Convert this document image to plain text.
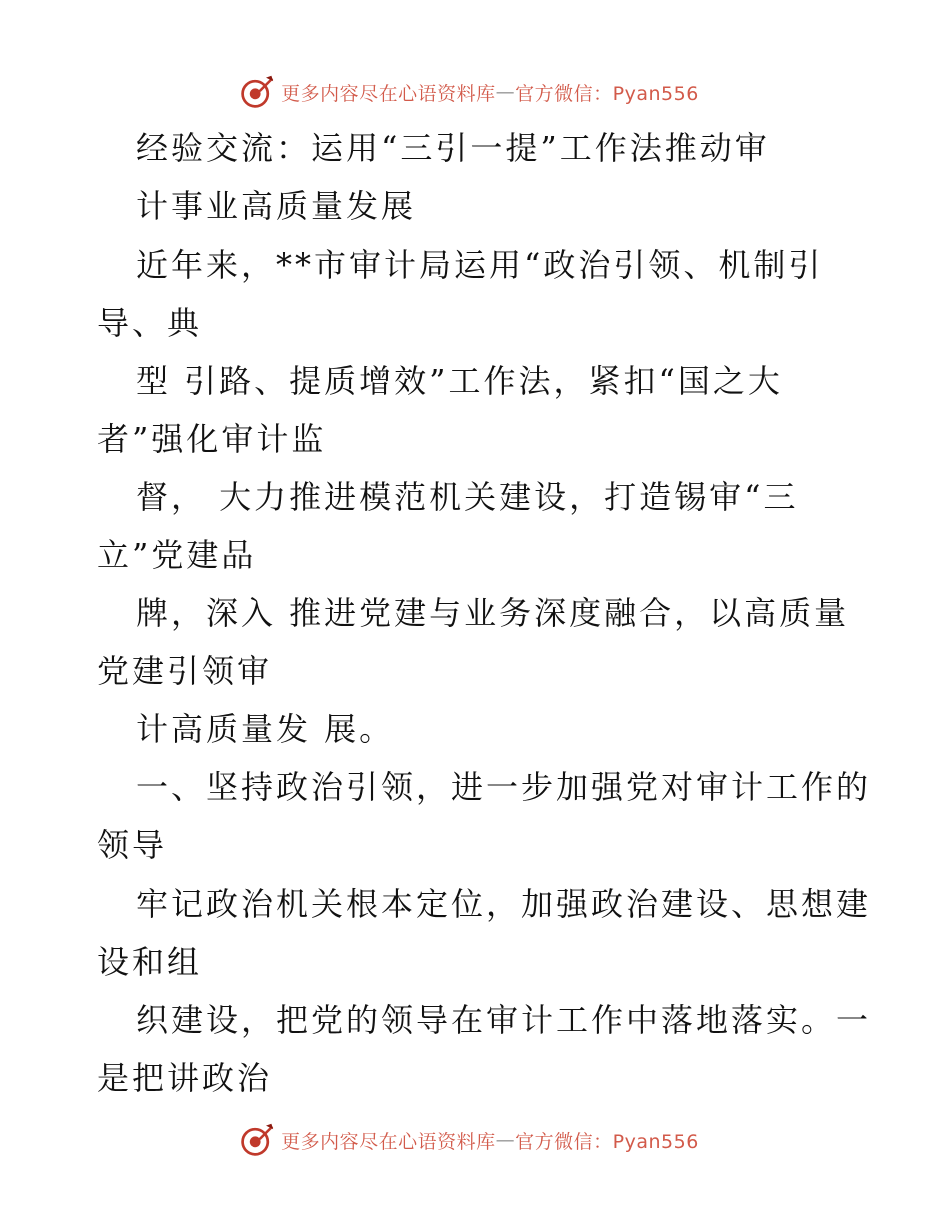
更多内容尽在心语资料库 — 官方微信：Pyan556
经验交流：运用“三引一提”工作法推动审
计事业高质量发展
近年来，**市审计局运用“政治引领、机制引
导、典
型 引路、提质增效”工作法，紧扣“国之大
者”强化审计监
督， 大力推进模范机关建设，打造锡审“三
立”党建品
牌，深入 推进党建与业务深度融合，以高质量
党建引领审
计高质量发 展。
一、坚持政治引领，进一步加强党对审计工作的
领导
牢记政治机关根本定位，加强政治建设、思想建
设和组
织建设，把党的领导在审计工作中落地落实。一
是把讲政治
更多内容尽在心语资料库 — 官方微信：Pyan556
